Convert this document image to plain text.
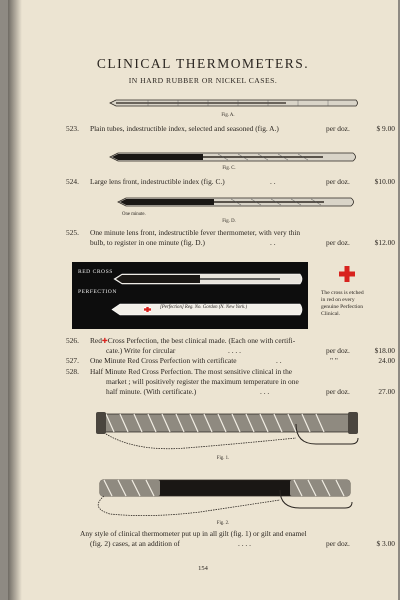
CLINICAL THERMOMETERS.
IN HARD RUBBER OR NICKEL CASES.
Fig. A.
523. Plain tubes, indestructible index, selected and seasoned (fig. A.)	per doz.	$ 9.00
Fig. C.
524. Large lens front, indestructible index (fig. C.)	. .	per doz.	$10.00
One minute.
Fig. D.
525. One minute lens front, indestructible fever thermometer, with very thin
bulb, to register in one minute (fig. D.)	. .	per doz.	$12.00
RED CROSS
PERFECTION
[Perfection] Reg. No. Gordon (N. New York.)
The cross is etched
in red on every
genuine Perfection
Clinical.
526. Red✚Cross Perfection, the best clinical made. (Each one with certifi-
cate.) Write for circular	. . . .	per doz.	$18.00
527. One Minute Red Cross Perfection with certificate	. .	" "	24.00
528. Half Minute Red Cross Perfection. The most sensitive clinical in the
market ; will positively register the maximum temperature in one
half minute. (With certificate.)	. . .	per doz.	27.00
Fig. 1.
Fig. 2.
Any style of clinical thermometer put up in all gilt (fig. 1) or gilt and enamel
(fig. 2) cases, at an addition of	. . . .	per doz.	$ 3.00
154
